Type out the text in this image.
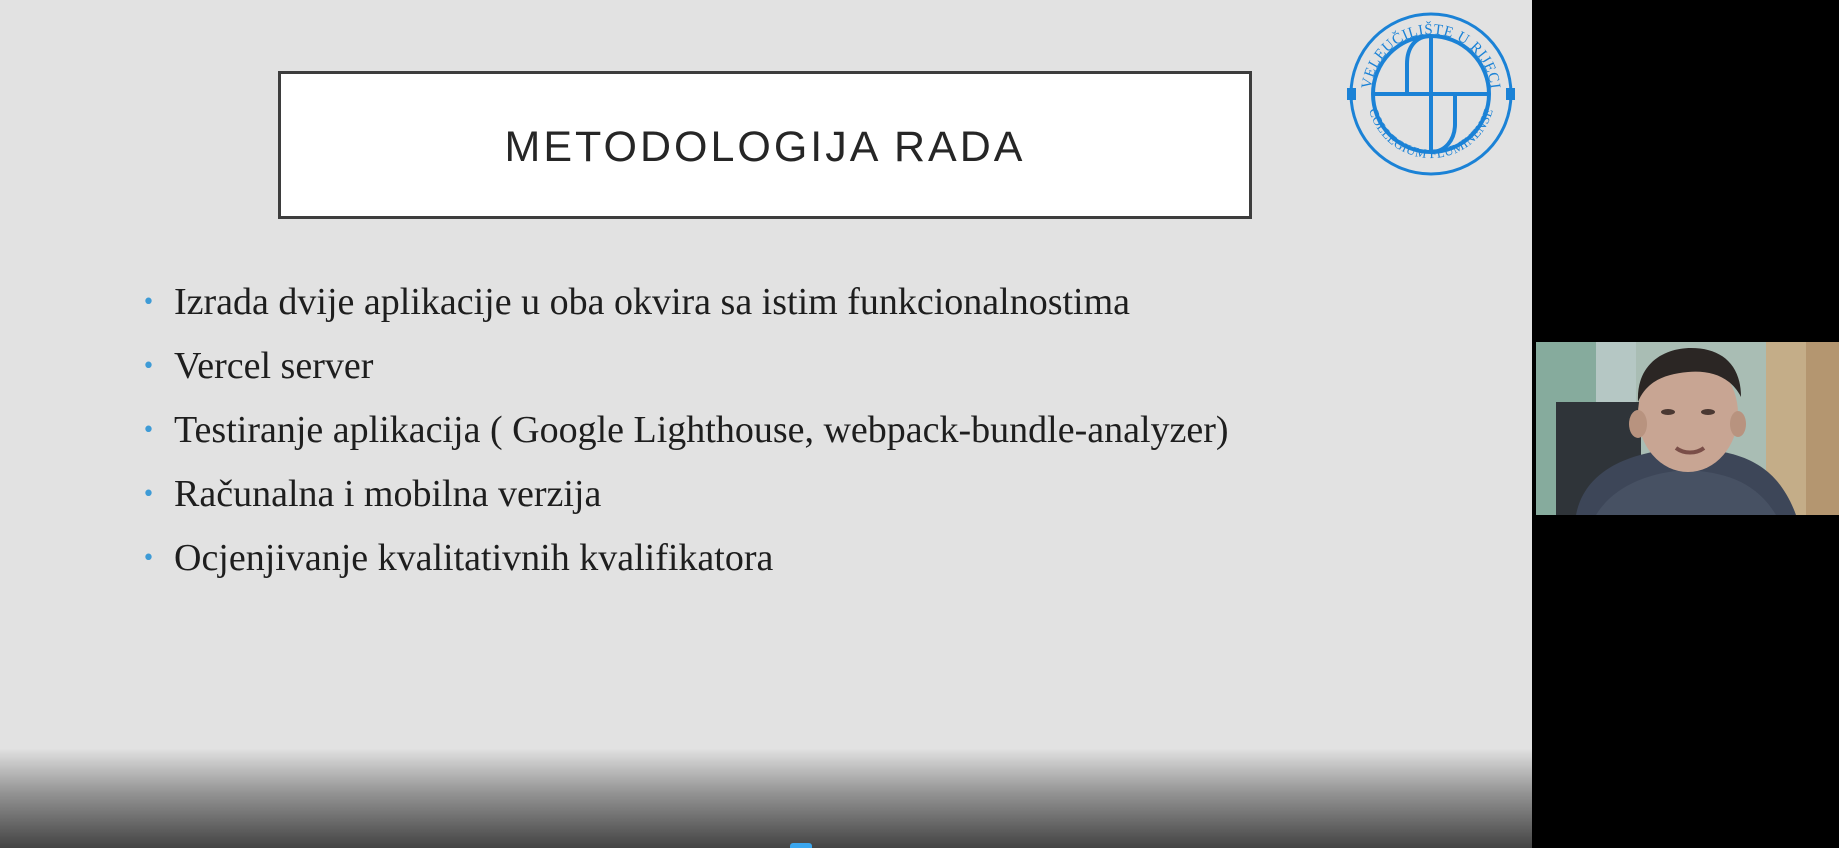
METODOLOGIJA RADA
• Izrada dvije aplikacije u oba okvira sa istim funkcionalnostima
• Vercel server
• Testiranje aplikacija ( Google Lighthouse, webpack-bundle-analyzer)
• Računalna i mobilna verzija
• Ocjenjivanje kvalitativnih kvalifikatora
VELEUČILIŠTE U RIJECI
COLLEGIUM FLUMINENSE
